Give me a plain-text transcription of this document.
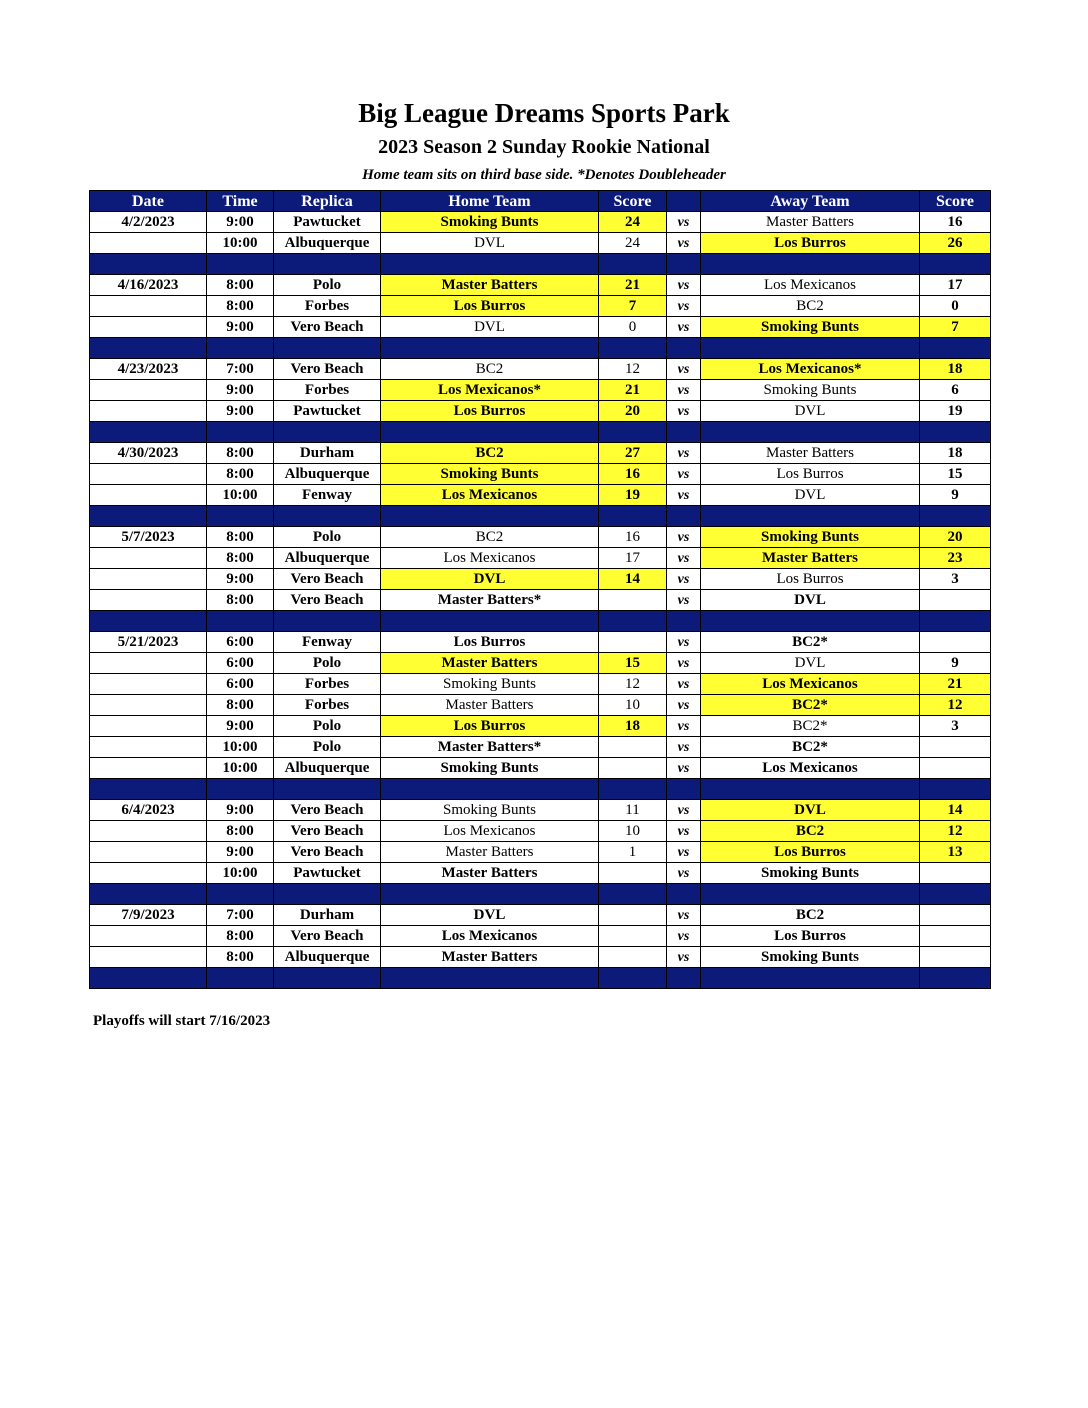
Big League Dreams Sports Park
2023 Season 2 Sunday Rookie National
Home team sits on third base side. *Denotes Doubleheader
Date	Time	Replica	Home Team	Score		Away Team	Score
4/2/2023	9:00	Pawtucket	Smoking Bunts	24	vs	Master Batters	16
	10:00	Albuquerque	DVL	24	vs	Los Burros	26

4/16/2023	8:00	Polo	Master Batters	21	vs	Los Mexicanos	17
	8:00	Forbes	Los Burros	7	vs	BC2	0
	9:00	Vero Beach	DVL	0	vs	Smoking Bunts	7

4/23/2023	7:00	Vero Beach	BC2	12	vs	Los Mexicanos*	18
	9:00	Forbes	Los Mexicanos*	21	vs	Smoking Bunts	6
	9:00	Pawtucket	Los Burros	20	vs	DVL	19

4/30/2023	8:00	Durham	BC2	27	vs	Master Batters	18
	8:00	Albuquerque	Smoking Bunts	16	vs	Los Burros	15
	10:00	Fenway	Los Mexicanos	19	vs	DVL	9

5/7/2023	8:00	Polo	BC2	16	vs	Smoking Bunts	20
	8:00	Albuquerque	Los Mexicanos	17	vs	Master Batters	23
	9:00	Vero Beach	DVL	14	vs	Los Burros	3
	8:00	Vero Beach	Master Batters*		vs	DVL	

5/21/2023	6:00	Fenway	Los Burros		vs	BC2*	
	6:00	Polo	Master Batters	15	vs	DVL	9
	6:00	Forbes	Smoking Bunts	12	vs	Los Mexicanos	21
	8:00	Forbes	Master Batters	10	vs	BC2*	12
	9:00	Polo	Los Burros	18	vs	BC2*	3
	10:00	Polo	Master Batters*		vs	BC2*	
	10:00	Albuquerque	Smoking Bunts		vs	Los Mexicanos	

6/4/2023	9:00	Vero Beach	Smoking Bunts	11	vs	DVL	14
	8:00	Vero Beach	Los Mexicanos	10	vs	BC2	12
	9:00	Vero Beach	Master Batters	1	vs	Los Burros	13
	10:00	Pawtucket	Master Batters		vs	Smoking Bunts	

7/9/2023	7:00	Durham	DVL		vs	BC2	
	8:00	Vero Beach	Los Mexicanos		vs	Los Burros	
	8:00	Albuquerque	Master Batters		vs	Smoking Bunts	

Playoffs will start 7/16/2023
